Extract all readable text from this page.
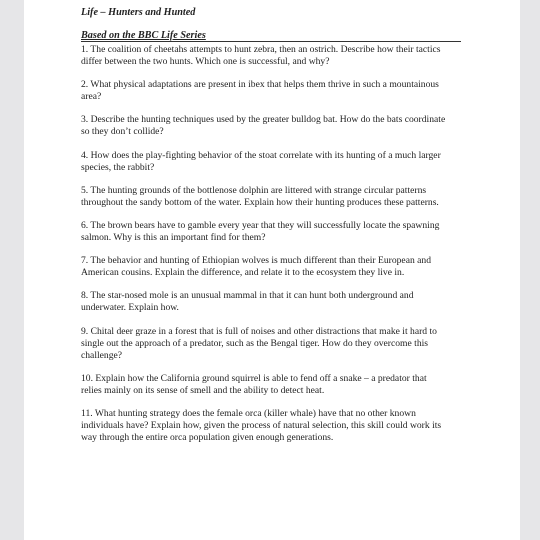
Life – Hunters and Hunted

Based on the BBC Life Series

1. The coalition of cheetahs attempts to hunt zebra, then an ostrich. Describe how their tactics differ between the two hunts. Which one is successful, and why?
2. What physical adaptations are present in ibex that helps them thrive in such a mountainous area?
3. Describe the hunting techniques used by the greater bulldog bat. How do the bats coordinate so they don’t collide?
4. How does the play-fighting behavior of the stoat correlate with its hunting of a much larger species, the rabbit?
5. The hunting grounds of the bottlenose dolphin are littered with strange circular patterns throughout the sandy bottom of the water. Explain how their hunting produces these patterns.
6. The brown bears have to gamble every year that they will successfully locate the spawning salmon. Why is this an important find for them?
7. The behavior and hunting of Ethiopian wolves is much different than their European and American cousins. Explain the difference, and relate it to the ecosystem they live in.
8. The star-nosed mole is an unusual mammal in that it can hunt both underground and underwater. Explain how.
9. Chital deer graze in a forest that is full of noises and other distractions that make it hard to single out the approach of a predator, such as the Bengal tiger. How do they overcome this challenge?
10. Explain how the California ground squirrel is able to fend off a snake – a predator that relies mainly on its sense of smell and the ability to detect heat.
11. What hunting strategy does the female orca (killer whale) have that no other known individuals have? Explain how, given the process of natural selection, this skill could work its way through the entire orca population given enough generations.
